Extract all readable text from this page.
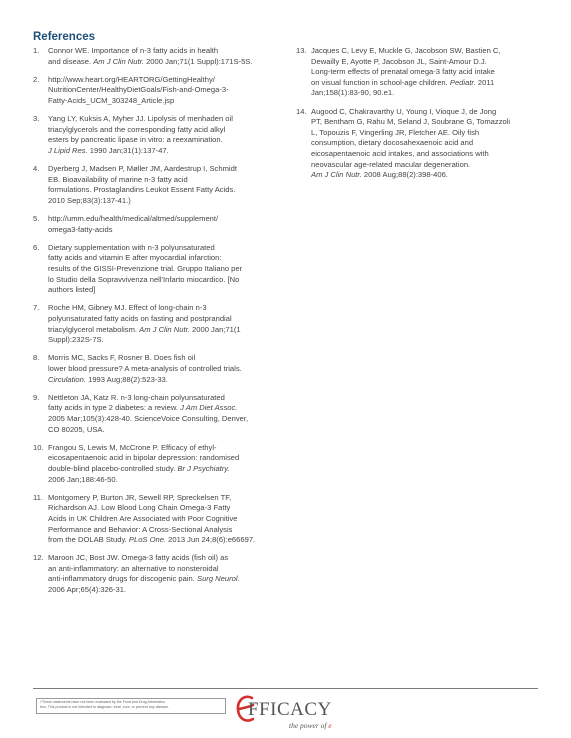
References
1.	Connor WE. Importance of n-3 fatty acids in health
and disease. Am J Clin Nutr. 2000 Jan;71(1 Suppl):171S-5S.
2.	http://www.heart.org/HEARTORG/GettingHealthy/
NutritionCenter/HealthyDietGoals/Fish-and-Omega-3-
Fatty-Acids_UCM_303248_Article.jsp
3.	Yang LY, Kuksis A, Myher JJ. Lipolysis of menhaden oil
triacylglycerols and the corresponding fatty acid alkyl
esters by pancreatic lipase in vitro: a reexamination.
J Lipid Res. 1990 Jan;31(1):137-47.
4.	Dyerberg J, Madsen P, Møller JM, Aardestrup I, Schmidt
EB. Bioavailability of marine n-3 fatty acid
formulations. Prostaglandins Leukot Essent Fatty Acids.
2010 Sep;83(3):137-41.)
5.	http://umm.edu/health/medical/altmed/supplement/
omega3-fatty-acids
6.	Dietary supplementation with n-3 polyunsaturated
fatty acids and vitamin E after myocardial infarction:
results of the GISSI-Prevenzione trial. Gruppo Italiano per
lo Studio della Sopravvivenza nell'Infarto miocardico. [No
authors listed]
7.	Roche HM, Gibney MJ. Effect of long-chain n-3
polyunsaturated fatty acids on fasting and postprandial
triacylglycerol metabolism. Am J Clin Nutr. 2000 Jan;71(1
Suppl):232S-7S.
8.	Morris MC, Sacks F, Rosner B. Does fish oil
lower blood pressure? A meta-analysis of controlled trials.
Circulation. 1993 Aug;88(2):523-33.
9.	Nettleton JA, Katz R. n-3 long-chain polyunsaturated
fatty acids in type 2 diabetes: a review. J Am Diet Assoc.
2005 Mar;105(3):428-40. ScienceVoice Consulting, Denver,
CO 80205, USA.
10. Frangou S, Lewis M, McCrone P. Efficacy of ethyl-
eicosapentaenoic acid in bipolar depression: randomised
double-blind placebo-controlled study. Br J Psychiatry.
2006 Jan;188:46-50.
11. Montgomery P, Burton JR, Sewell RP, Spreckelsen TF,
Richardson AJ. Low Blood Long Chain Omega-3 Fatty
Acids in UK Children Are Associated with Poor Cognitive
Performance and Behavior: A Cross-Sectional Analysis
from the DOLAB Study. PLoS One. 2013 Jun 24;8(6):e66697.
12. Maroon JC, Bost JW. Omega-3 fatty acids (fish oil) as
an anti-inflammatory: an alternative to nonsteroidal
anti-inflammatory drugs for discogenic pain. Surg Neurol.
2006 Apr;65(4):326-31.
13. Jacques C, Levy E, Muckle G, Jacobson SW, Bastien C,
Dewailly E, Ayotte P, Jacobson JL, Saint-Amour D.J.
Long-term effects of prenatal omega-3 fatty acid intake
on visual function in school-age children. Pediatr. 2011
Jan;158(1):83-90, 90.e1.
14. Augood C, Chakravarthy U, Young I, Vioque J, de Jong
PT, Bentham G, Rahu M, Seland J, Soubrane G, Tomazzoli
L, Topouzis F, Vingerling JR, Fletcher AE. Oily fish
consumption, dietary docosahexaenoic acid and
eicosapentaenoic acid intakes, and associations with
neovascular age-related macular degeneration.
Am J Clin Nutr. 2008 Aug;88(2):398-406.
†These statements have not been evaluated by the Food and Drug Administra-
tion. This product is not intended to diagnose, treat, cure, or prevent any disease.	FFICACY
the power of e
